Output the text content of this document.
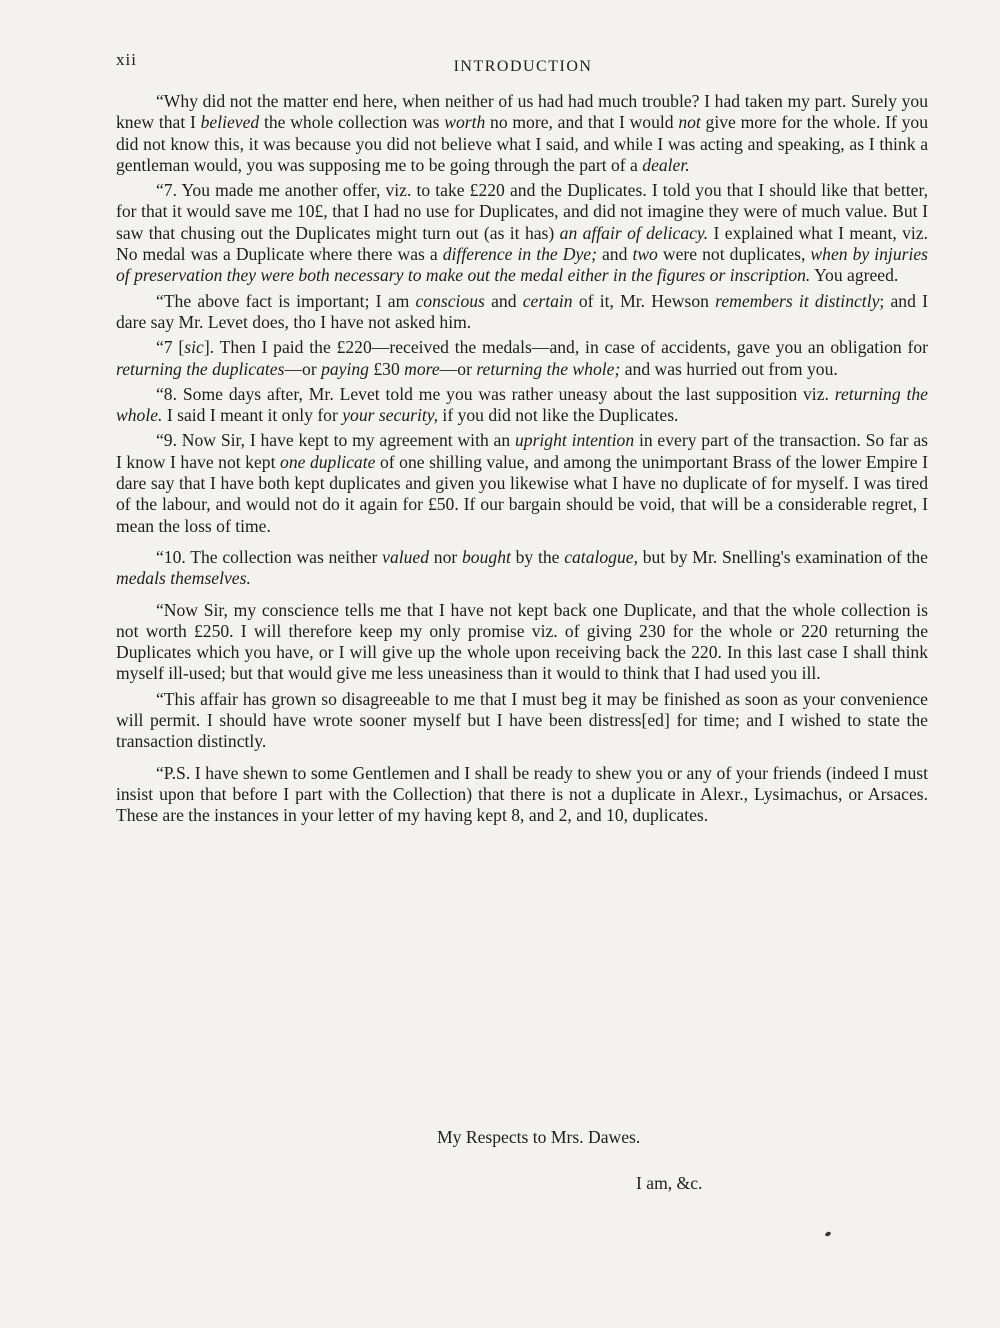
xii	INTRODUCTION

“Why did not the matter end here, when neither of us had had much trouble? I had taken my part. Surely you knew that I believed the whole collection was worth no more, and that I would not give more for the whole. If you did not know this, it was because you did not believe what I said, and while I was acting and speaking, as I think a gentleman would, you was supposing me to be going through the part of a dealer.

“7. You made me another offer, viz. to take £220 and the Duplicates. I told you that I should like that better, for that it would save me 10£, that I had no use for Duplicates, and did not imagine they were of much value. But I saw that chusing out the Duplicates might turn out (as it has) an affair of delicacy. I explained what I meant, viz. No medal was a Duplicate where there was a difference in the Dye; and two were not duplicates, when by injuries of preservation they were both necessary to make out the medal either in the figures or inscription. You agreed.

“The above fact is important; I am conscious and certain of it, Mr. Hewson remembers it distinctly; and I dare say Mr. Levet does, tho I have not asked him.

“7 [sic]. Then I paid the £220—received the medals—and, in case of accidents, gave you an obligation for returning the duplicates—or paying £30 more—or returning the whole; and was hurried out from you.

“8. Some days after, Mr. Levet told me you was rather uneasy about the last supposition viz. returning the whole. I said I meant it only for your security, if you did not like the Duplicates.

“9. Now Sir, I have kept to my agreement with an upright intention in every part of the transaction. So far as I know I have not kept one duplicate of one shilling value, and among the unimportant Brass of the lower Empire I dare say that I have both kept duplicates and given you likewise what I have no duplicate of for myself. I was tired of the labour, and would not do it again for £50. If our bargain should be void, that will be a considerable regret, I mean the loss of time.

“10. The collection was neither valued nor bought by the catalogue, but by Mr. Snelling's examination of the medals themselves.

“Now Sir, my conscience tells me that I have not kept back one Duplicate, and that the whole collection is not worth £250. I will therefore keep my only promise viz. of giving 230 for the whole or 220 returning the Duplicates which you have, or I will give up the whole upon receiving back the 220. In this last case I shall think myself ill-used; but that would give me less uneasiness than it would to think that I had used you ill.

“This affair has grown so disagreeable to me that I must beg it may be finished as soon as your convenience will permit. I should have wrote sooner myself but I have been distress[ed] for time; and I wished to state the transaction distinctly.

“P.S. I have shewn to some Gentlemen and I shall be ready to shew you or any of your friends (indeed I must insist upon that before I part with the Collection) that there is not a duplicate in Alexr., Lysimachus, or Arsaces. These are the instances in your letter of my having kept 8, and 2, and 10, duplicates.

My Respects to Mrs. Dawes.
I am, &c.
